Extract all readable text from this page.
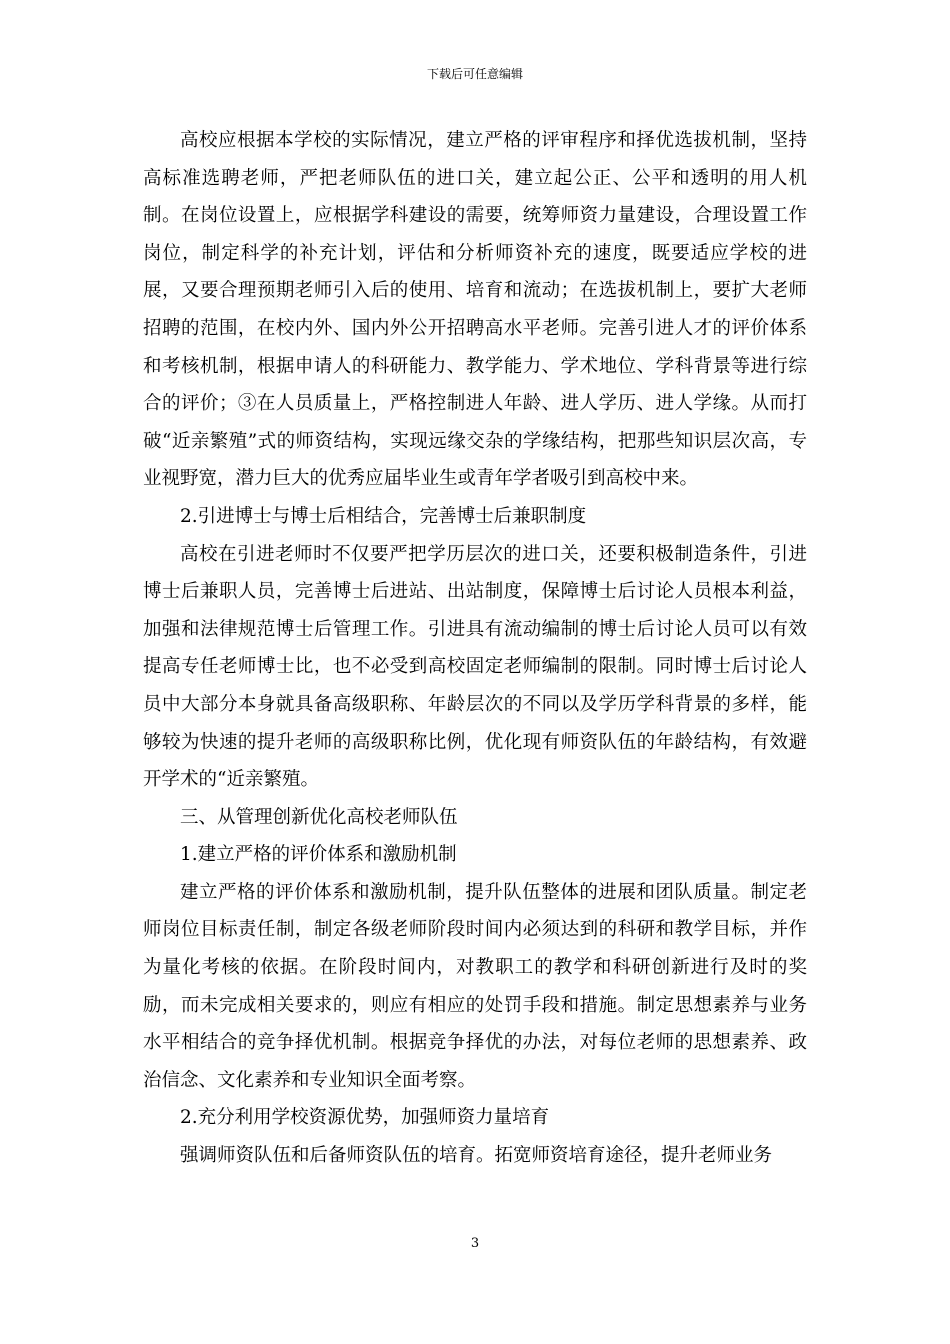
下载后可任意编辑

高校应根据本学校的实际情况，建立严格的评审程序和择优选拔机制，坚持高标准选聘老师，严把老师队伍的进口关，建立起公正、公平和透明的用人机制。在岗位设置上，应根据学科建设的需要，统筹师资力量建设，合理设置工作岗位，制定科学的补充计划，评估和分析师资补充的速度，既要适应学校的进展，又要合理预期老师引入后的使用、培育和流动；在选拔机制上，要扩大老师招聘的范围，在校内外、国内外公开招聘高水平老师。完善引进人才的评价体系和考核机制，根据申请人的科研能力、教学能力、学术地位、学科背景等进行综合的评价；③在人员质量上，严格控制进人年龄、进人学历、进人学缘。从而打破“近亲繁殖”式的师资结构，实现远缘交杂的学缘结构，把那些知识层次高，专业视野宽，潜力巨大的优秀应届毕业生或青年学者吸引到高校中来。

2.引进博士与博士后相结合，完善博士后兼职制度

高校在引进老师时不仅要严把学历层次的进口关，还要积极制造条件，引进博士后兼职人员，完善博士后进站、出站制度，保障博士后讨论人员根本利益，加强和法律规范博士后管理工作。引进具有流动编制的博士后讨论人员可以有效提高专任老师博士比，也不必受到高校固定老师编制的限制。同时博士后讨论人员中大部分本身就具备高级职称、年龄层次的不同以及学历学科背景的多样，能够较为快速的提升老师的高级职称比例，优化现有师资队伍的年龄结构，有效避开学术的“近亲繁殖。

三、从管理创新优化高校老师队伍

1.建立严格的评价体系和激励机制

建立严格的评价体系和激励机制，提升队伍整体的进展和团队质量。制定老师岗位目标责任制，制定各级老师阶段时间内必须达到的科研和教学目标，并作为量化考核的依据。在阶段时间内，对教职工的教学和科研创新进行及时的奖励，而未完成相关要求的，则应有相应的处罚手段和措施。制定思想素养与业务水平相结合的竞争择优机制。根据竞争择优的办法，对每位老师的思想素养、政治信念、文化素养和专业知识全面考察。

2.充分利用学校资源优势，加强师资力量培育

强调师资队伍和后备师资队伍的培育。拓宽师资培育途径，提升老师业务

3
